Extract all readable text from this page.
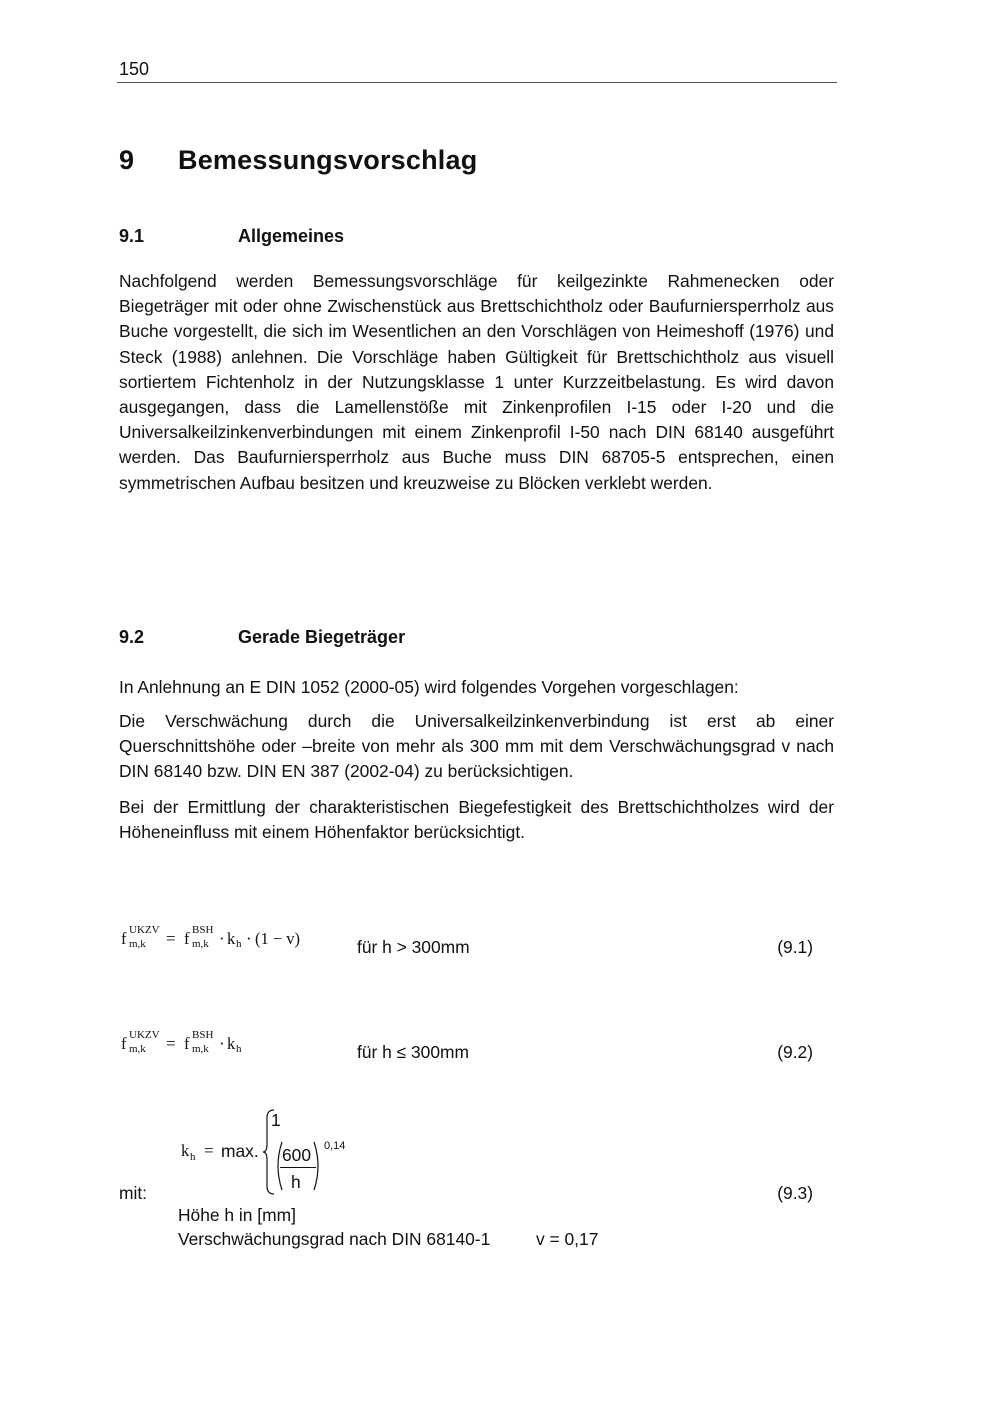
150
9 Bemessungsvorschlag
9.1	Allgemeines

Nachfolgend werden Bemessungsvorschläge für keilgezinkte Rahmenecken oder Biegeträger mit oder ohne Zwischenstück aus Brettschichtholz oder Baufurniersperrholz aus Buche vorgestellt, die sich im Wesentlichen an den Vorschlägen von Heimeshoff (1976) und Steck (1988) anlehnen. Die Vorschläge haben Gültigkeit für Brettschichtholz aus visuell sortiertem Fichtenholz in der Nutzungsklasse 1 unter Kurzzeitbelastung. Es wird davon ausgegangen, dass die Lamellenstöße mit Zinkenprofilen I-15 oder I-20 und die Universalkeilzinkenverbindungen mit einem Zinkenprofil I-50 nach DIN 68140 ausgeführt werden. Das Baufurniersperrholz aus Buche muss DIN 68705-5 entsprechen, einen symmetrischen Aufbau besitzen und kreuzweise zu Blöcken verklebt werden.

9.2	Gerade Biegeträger

In Anlehnung an E DIN 1052 (2000-05) wird folgendes Vorgehen vorgeschlagen:

Die Verschwächung durch die Universalkeilzinkenverbindung ist erst ab einer Querschnittshöhe oder –breite von mehr als 300 mm mit dem Verschwächungsgrad v nach DIN 68140 bzw. DIN EN 387 (2002-04) zu berücksichtigen.

Bei der Ermittlung der charakteristischen Biegefestigkeit des Brettschichtholzes wird der Höheneinfluss mit einem Höhenfaktor berücksichtigt.

f UKZV
m,k = f BSH
m,k · k h · (1 − v)	für h > 300mm	(9.1)
f UKZV
m,k = f BSH
m,k · k h	für h ≤ 300mm	(9.2)
k h = max.
1
600
h
0,14
mit:	(9.3)
Höhe h in [mm]
Verschwächungsgrad nach DIN 68140-1	v = 0,17
